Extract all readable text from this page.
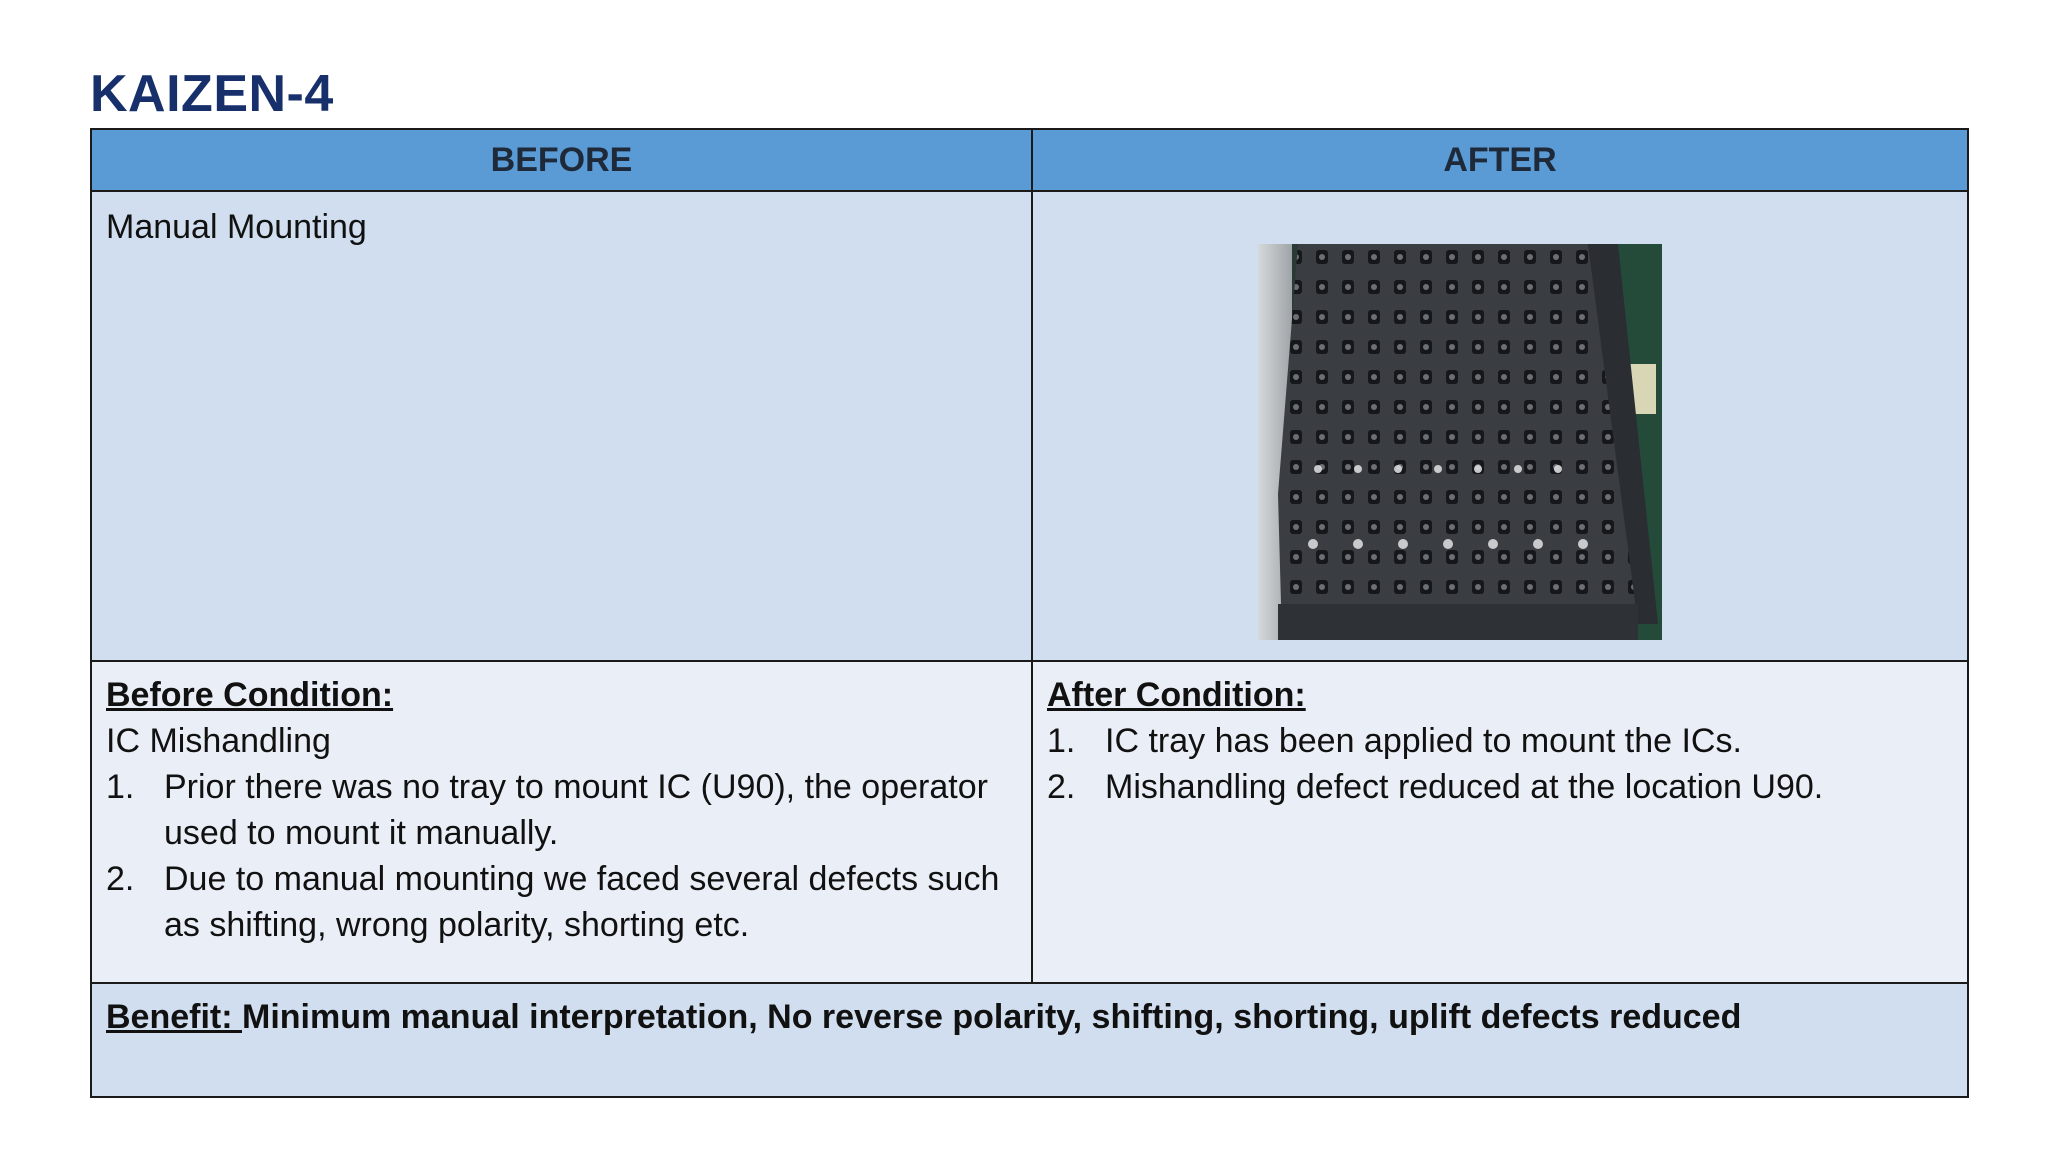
KAIZEN-4
BEFORE	AFTER
Manual Mounting
Before Condition:
IC Mishandling
1. Prior there was no tray to mount IC (U90), the operator used to mount it manually.
2. Due to manual mounting we faced several defects such as shifting, wrong polarity, shorting etc.
After Condition:
1. IC tray has been applied to mount the ICs.
2. Mishandling defect reduced at the location U90.
Benefit: Minimum manual interpretation, No reverse polarity, shifting, shorting, uplift defects reduced
